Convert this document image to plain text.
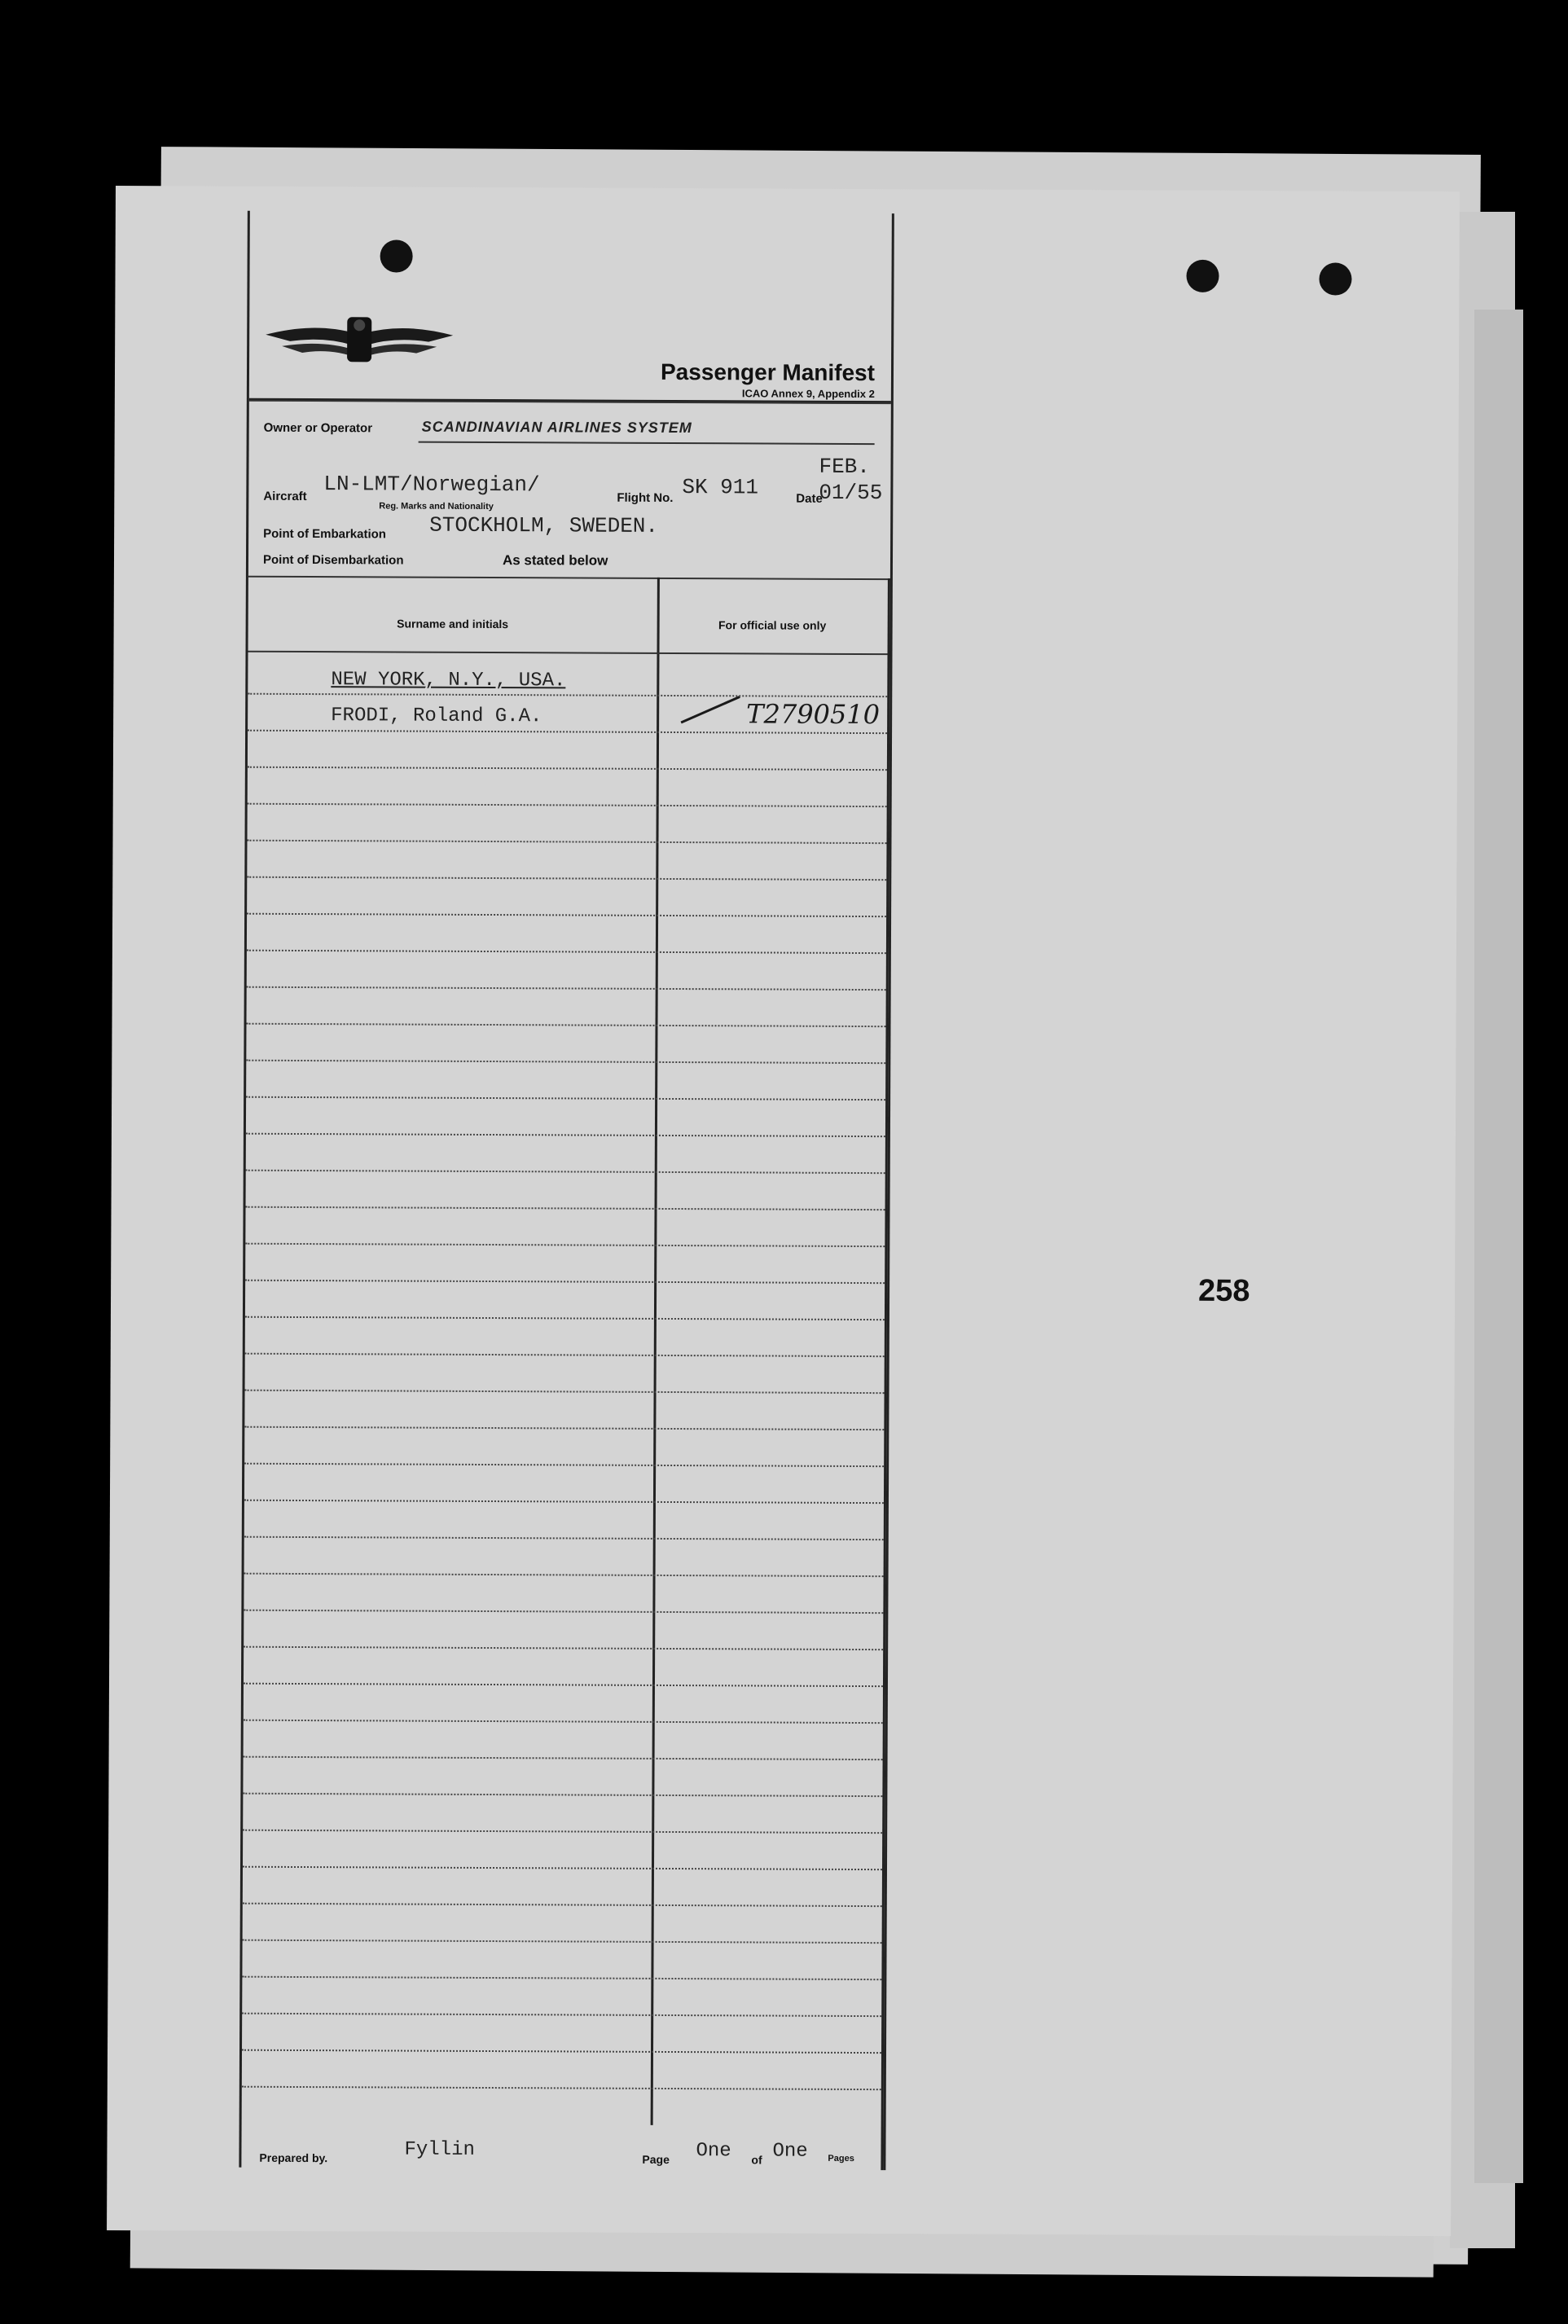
Passenger Manifest
ICAO Annex 9, Appendix 2
Owner or Operator	SCANDINAVIAN AIRLINES SYSTEM
Aircraft LN-LMT/Norwegian/
Reg. Marks and Nationality
Flight No. SK 911	Date
FEB.
01/55
Point of Embarkation STOCKHOLM, SWEDEN.
Point of Disembarkation	As stated below
Surname and initials	For official use only
NEW YORK, N.Y., USA.
FRODI, Roland G.A.	T2790510
Prepared by.	Fyllin	Page One of One Pages
258
